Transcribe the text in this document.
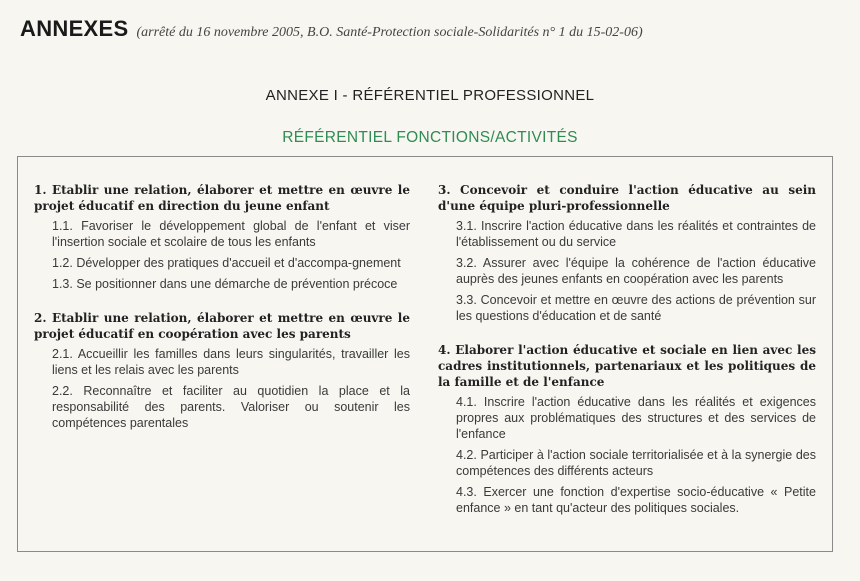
ANNEXES (arrêté du 16 novembre 2005, B.O. Santé-Protection sociale-Solidarités n° 1 du 15-02-06)
ANNEXE I - RÉFÉRENTIEL PROFESSIONNEL
RÉFÉRENTIEL FONCTIONS/ACTIVITÉS
1. Etablir une relation, élaborer et mettre en œuvre le projet éducatif en direction du jeune enfant
1.1. Favoriser le développement global de l'enfant et viser l'insertion sociale et scolaire de tous les enfants
1.2. Développer des pratiques d'accueil et d'accompa-gnement
1.3. Se positionner dans une démarche de prévention précoce
2. Etablir une relation, élaborer et mettre en œuvre le projet éducatif en coopération avec les parents
2.1. Accueillir les familles dans leurs singularités, travailler les liens et les relais avec les parents
2.2. Reconnaître et faciliter au quotidien la place et la responsabilité des parents. Valoriser ou soutenir les compétences parentales
3. Concevoir et conduire l'action éducative au sein d'une équipe pluri-professionnelle
3.1. Inscrire l'action éducative dans les réalités et contraintes de l'établissement ou du service
3.2. Assurer avec l'équipe la cohérence de l'action éducative auprès des jeunes enfants en coopération avec les parents
3.3. Concevoir et mettre en œuvre des actions de prévention sur les questions d'éducation et de santé
4. Elaborer l'action éducative et sociale en lien avec les cadres institutionnels, partenariaux et les politiques de la famille et de l'enfance
4.1. Inscrire l'action éducative dans les réalités et exigences propres aux problématiques des structures et des services de l'enfance
4.2. Participer à l'action sociale territorialisée et à la synergie des compétences des différents acteurs
4.3. Exercer une fonction d'expertise socio-éducative « Petite enfance » en tant qu'acteur des politiques sociales.
